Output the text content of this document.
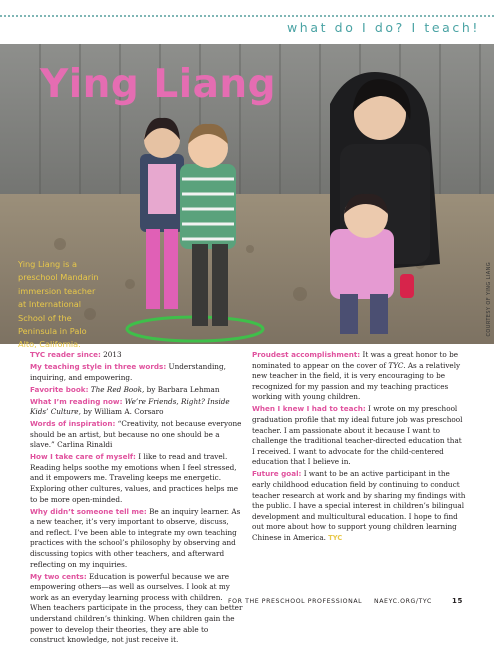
what do I do? I teach!
Ying Liang
Ying Liang is a preschool Mandarin immersion teacher at International School of the Peninsula in Palo Alto, California.
COURTESY OF YING LIANG

TYC reader since: 2013

My teaching style in three words: Understanding, inquiring, and empowering.

Favorite book: The Red Book, by Barbara Lehman

What I’m reading now: We’re Friends, Right? Inside Kids’ Culture, by William A. Corsaro

Words of inspiration: “Creativity, not because everyone should be an artist, but because no one should be a slave.” Carlina Rinaldi

How I take care of myself: I like to read and travel. Reading helps soothe my emotions when I feel stressed, and it empowers me. Traveling keeps me energetic. Exploring other cultures, values, and practices helps me to be more open-minded.

Why didn’t someone tell me: Be an inquiry learner. As a new teacher, it’s very important to observe, discuss, and reflect. I’ve been able to integrate my own teaching practices with the school’s philosophy by observing and discussing topics with other teachers, and afterward reflecting on my inquiries.

My two cents: Education is powerful because we are empowering others—as well as ourselves. I look at my work as an everyday learning process with children. When teachers participate in the process, they can better understand children’s thinking. When children gain the power to develop their theories, they are able to construct knowledge, not just receive it.

Proudest accomplishment: It was a great honor to be nominated to appear on the cover of TYC. As a relatively new teacher in the field, it is very encouraging to be recognized for my passion and my teaching practices working with young children.

When I knew I had to teach: I wrote on my preschool graduation profile that my ideal future job was preschool teacher. I am passionate about it because I want to challenge the traditional teacher-directed education that I received. I want to advocate for the child-centered education that I believe in.

Future goal: I want to be an active participant in the early childhood education field by continuing to conduct teacher research at work and by sharing my findings with the public. I have a special interest in children’s bilingual development and multicultural education. I hope to find out more about how to support young children learning Chinese in America. TYC

FOR THE PRESCHOOL PROFESSIONAL NAEYC.ORG/TYC	15
